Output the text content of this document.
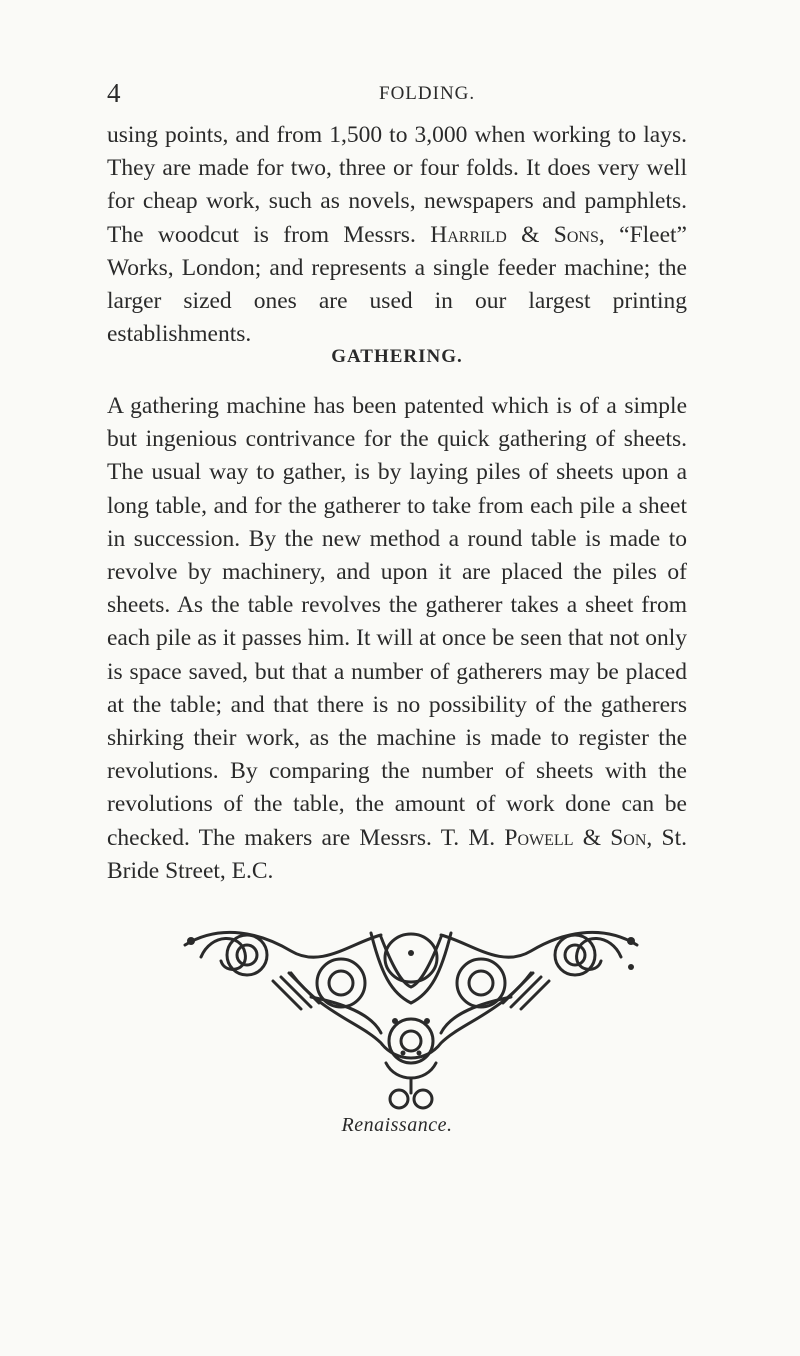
4	FOLDING.

using points, and from 1,500 to 3,000 when working to lays. They are made for two, three or four folds. It does very well for cheap work, such as novels, newspapers and pamphlets. The woodcut is from Messrs. Harrild & Sons, “Fleet” Works, London; and represents a single feeder machine; the larger sized ones are used in our largest printing establishments.

GATHERING.

A gathering machine has been patented which is of a simple but ingenious contrivance for the quick gathering of sheets. The usual way to gather, is by laying piles of sheets upon a long table, and for the gatherer to take from each pile a sheet in succession. By the new method a round table is made to revolve by machinery, and upon it are placed the piles of sheets. As the table revolves the gatherer takes a sheet from each pile as it passes him. It will at once be seen that not only is space saved, but that a number of gatherers may be placed at the table; and that there is no possibility of the gatherers shirking their work, as the machine is made to register the revolutions. By comparing the number of sheets with the revolutions of the table, the amount of work done can be checked. The makers are Messrs. T. M. Powell & Son, St. Bride Street, E.C.

Renaissance.
